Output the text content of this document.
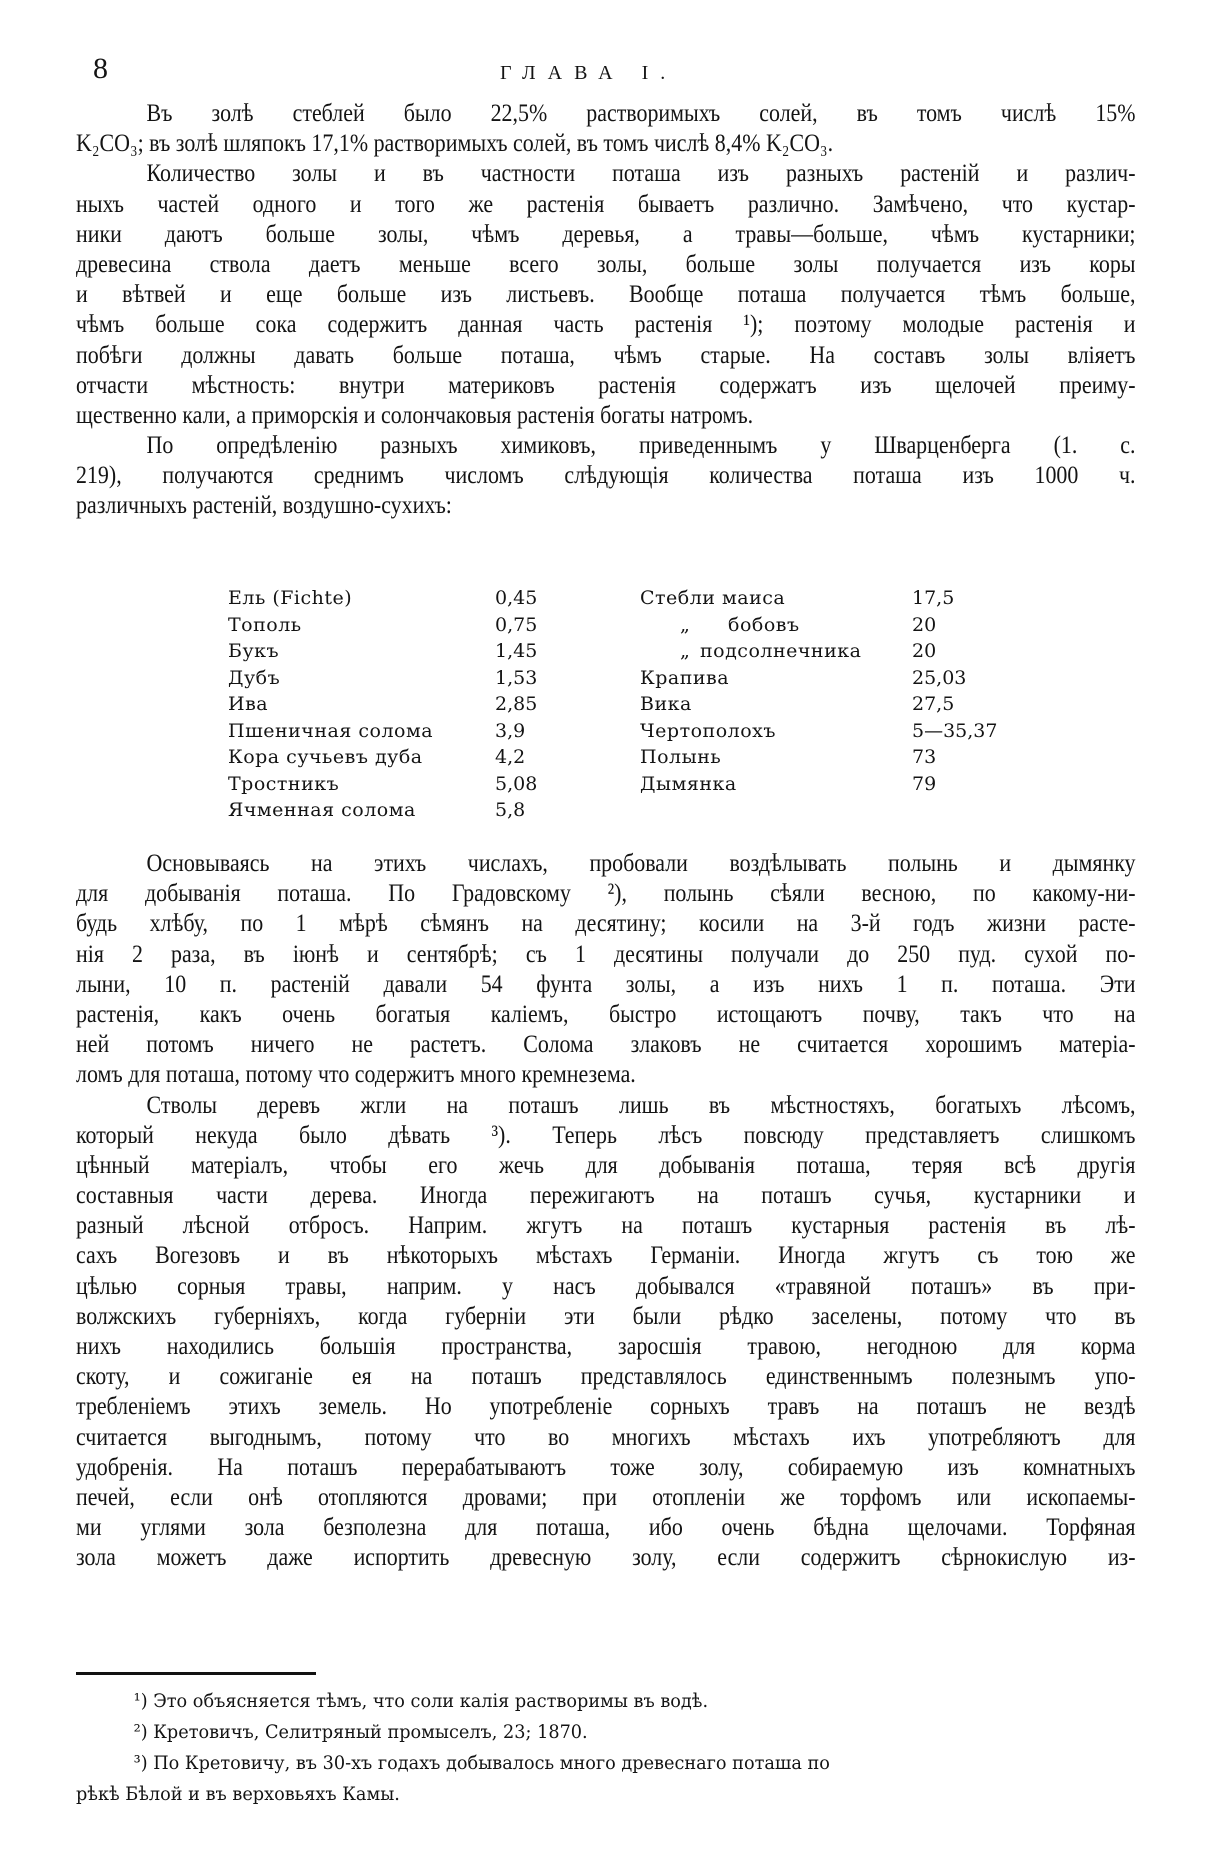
8	ГЛАВА I.
Въ золѣ стеблей было 22,5% растворимыхъ солей, въ томъ числѣ 15%
K₂CO₃; въ золѣ шляпокъ 17,1% растворимыхъ солей, въ томъ числѣ 8,4% K₂CO₃.
Количество золы и въ частности поташа изъ разныхъ растеній и различ-
ныхъ частей одного и того же растенія бываетъ различно. Замѣчено, что кустар-
ники даютъ больше золы, чѣмъ деревья, а травы—больше, чѣмъ кустарники;
древесина ствола даетъ меньше всего золы, больше золы получается изъ коры
и вѣтвей и еще больше изъ листьевъ. Вообще поташа получается тѣмъ больше,
чѣмъ больше сока содержитъ данная часть растенія ¹); поэтому молодые растенія и
побѣги должны давать больше поташа, чѣмъ старые. На составъ золы вліяетъ
отчасти мѣстность: внутри материковъ растенія содержатъ изъ щелочей преиму-
щественно кали, а приморскія и солончаковыя растенія богаты натромъ.
По опредѣленію разныхъ химиковъ, приведеннымъ у Шварценберга (1. с.
219), получаются среднимъ числомъ слѣдующія количества поташа изъ 1000 ч.
различныхъ растеній, воздушно-сухихъ:
Ель (Fichte)	0,45
Тополь	0,75
Букъ	1,45
Дубъ	1,53
Ива	2,85
Пшеничная солома	3,9
Кора сучьевъ дуба	4,2
Тростникъ	5,08
Ячменная солома	5,8
Стебли маиса	17,5
„ бобовъ	20
„ подсолнечника	20
Крапива	25,03
Вика	27,5
Чертополохъ	5—35,37
Полынь	73
Дымянка	79
Основываясь на этихъ числахъ, пробовали воздѣлывать полынь и дымянку
для добыванія поташа. По Градовскому ²), полынь сѣяли весною, по какому-ни-
будь хлѣбу, по 1 мѣрѣ сѣмянъ на десятину; косили на 3-й годъ жизни расте-
нія 2 раза, въ іюнѣ и сентябрѣ; съ 1 десятины получали до 250 пуд. сухой по-
лыни, 10 п. растеній давали 54 фунта золы, а изъ нихъ 1 п. поташа. Эти
растенія, какъ очень богатыя каліемъ, быстро истощаютъ почву, такъ что на
ней потомъ ничего не растетъ. Солома злаковъ не считается хорошимъ матеріа-
ломъ для поташа, потому что содержитъ много кремнезема.
Стволы деревъ жгли на поташъ лишь въ мѣстностяхъ, богатыхъ лѣсомъ,
который некуда было дѣвать ³). Теперь лѣсъ повсюду представляетъ слишкомъ
цѣнный матеріалъ, чтобы его жечь для добыванія поташа, теряя всѣ другія
составныя части дерева. Иногда пережигаютъ на поташъ сучья, кустарники и
разный лѣсной отбросъ. Наприм. жгутъ на поташъ кустарныя растенія въ лѣ-
сахъ Вогезовъ и въ нѣкоторыхъ мѣстахъ Германіи. Иногда жгутъ съ тою же
цѣлью сорныя травы, наприм. у насъ добывался «травяной поташъ» въ при-
волжскихъ губерніяхъ, когда губерніи эти были рѣдко заселены, потому что въ
нихъ находились большія пространства, заросшія травою, негодною для корма
скоту, и сожиганіе ея на поташъ представлялось единственнымъ полезнымъ упо-
требленіемъ этихъ земель. Но употребленіе сорныхъ травъ на поташъ не вездѣ
считается выгоднымъ, потому что во многихъ мѣстахъ ихъ употребляютъ для
удобренія. На поташъ перерабатываютъ тоже золу, собираемую изъ комнатныхъ
печей, если онѣ отопляются дровами; при отопленіи же торфомъ или ископаемы-
ми углями зола безполезна для поташа, ибо очень бѣдна щелочами. Торфяная
зола можетъ даже испортить древесную золу, если содержитъ сѣрнокислую из-
¹) Это объясняется тѣмъ, что соли калія растворимы въ водѣ.
²) Кретовичъ, Селитряный промыселъ, 23; 1870.
³) По Кретовичу, въ 30-хъ годахъ добывалось много древеснаго поташа по
рѣкѣ Бѣлой и въ верховьяхъ Камы.
